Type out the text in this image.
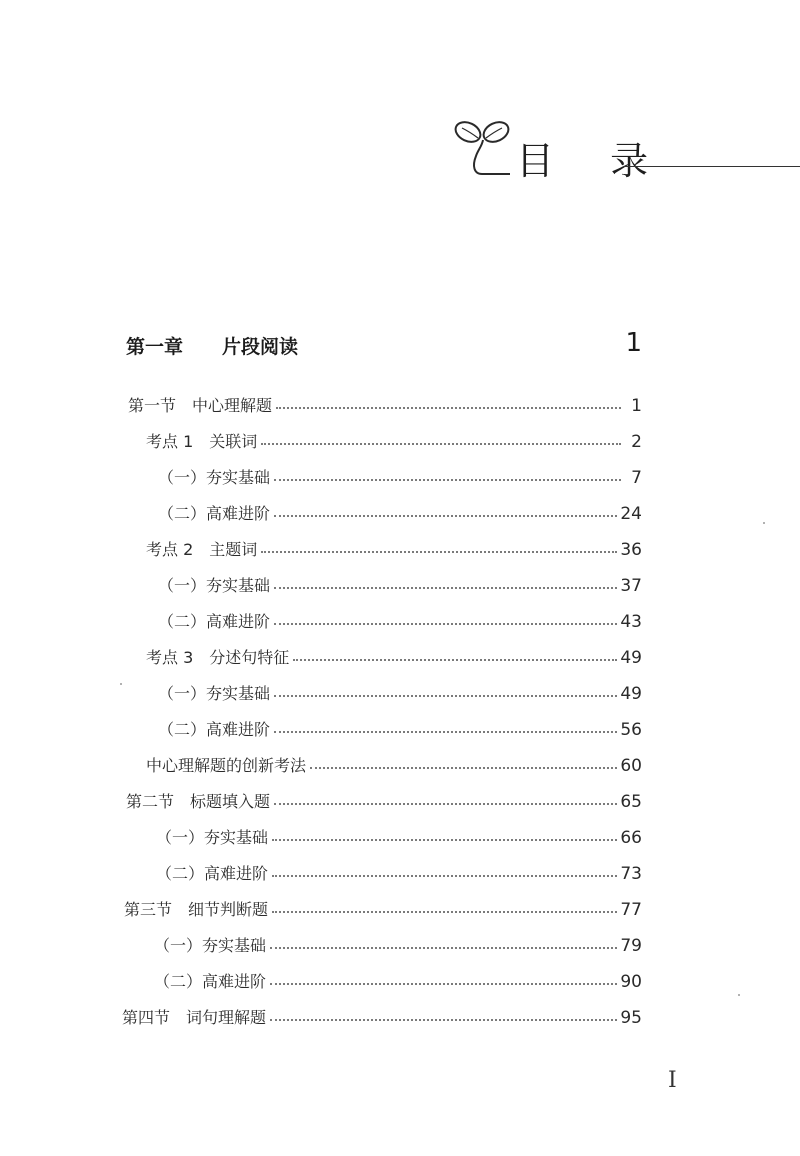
目 录
第一章 片段阅读	1
第一节　中心理解题	1
考点 1　关联词	2
（一）夯实基础	7
（二）高难进阶	24
考点 2　主题词	36
（一）夯实基础	37
（二）高难进阶	43
考点 3　分述句特征	49
（一）夯实基础	49
（二）高难进阶	56
中心理解题的创新考法	60
第二节　标题填入题	65
（一）夯实基础	66
（二）高难进阶	73
第三节　细节判断题	77
（一）夯实基础	79
（二）高难进阶	90
第四节　词句理解题	95
I
